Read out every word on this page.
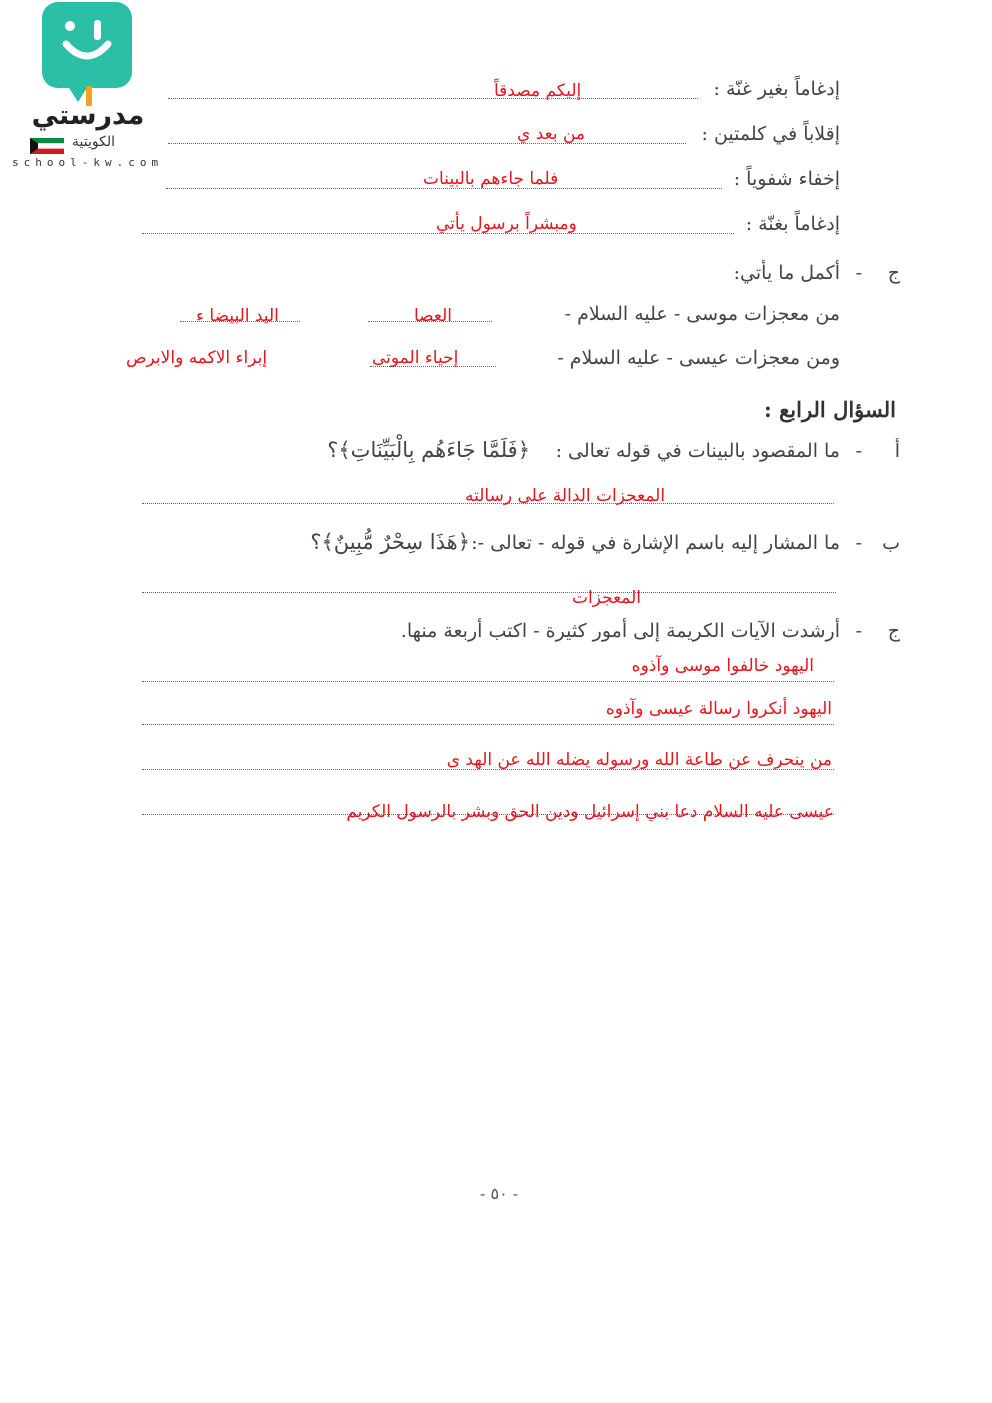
مدرستي
الكويتية
school-kw.com
إدغاماً بغير غنّة :
إليكم مصدقاً
إقلاباً في كلمتين :
من بعد ي
إخفاء شفوياً :
فلما جاءهم بالبينات
إدغاماً بغنّة :
ومبشراً برسول يأتي
ج
-
أكمل ما يأتي:
من معجزات موسى - عليه السلام -
العصا
اليد البيضا ء
ومن معجزات عيسى - عليه السلام -
إحياء الموتى
إبراء الاكمه والابرص
السؤال الرابع :
أ
-
ما المقصود بالبينات في قوله تعالى :
﴿فَلَمَّا جَاءَهُم بِالْبَيِّنَاتِ﴾؟
المعجزات الدالة على رسالته
ب
-
ما المشار إليه باسم الإشارة في قوله - تعالى -:
﴿هَذَا سِحْرٌ مُّبِينٌ﴾؟
المعجزات
ج
-
أرشدت الآيات الكريمة إلى أمور كثيرة - اكتب أربعة منها.
اليهود خالفوا موسى وآذوه
اليهود أنكروا رسالة عيسى وآذوه
من ينحرف عن طاعة الله ورسوله يضله الله عن الهد ى
عيسى عليه السلام دعا بني إسرائيل ودين الحق وبشر بالرسول الكريم
- ٥٠ -
